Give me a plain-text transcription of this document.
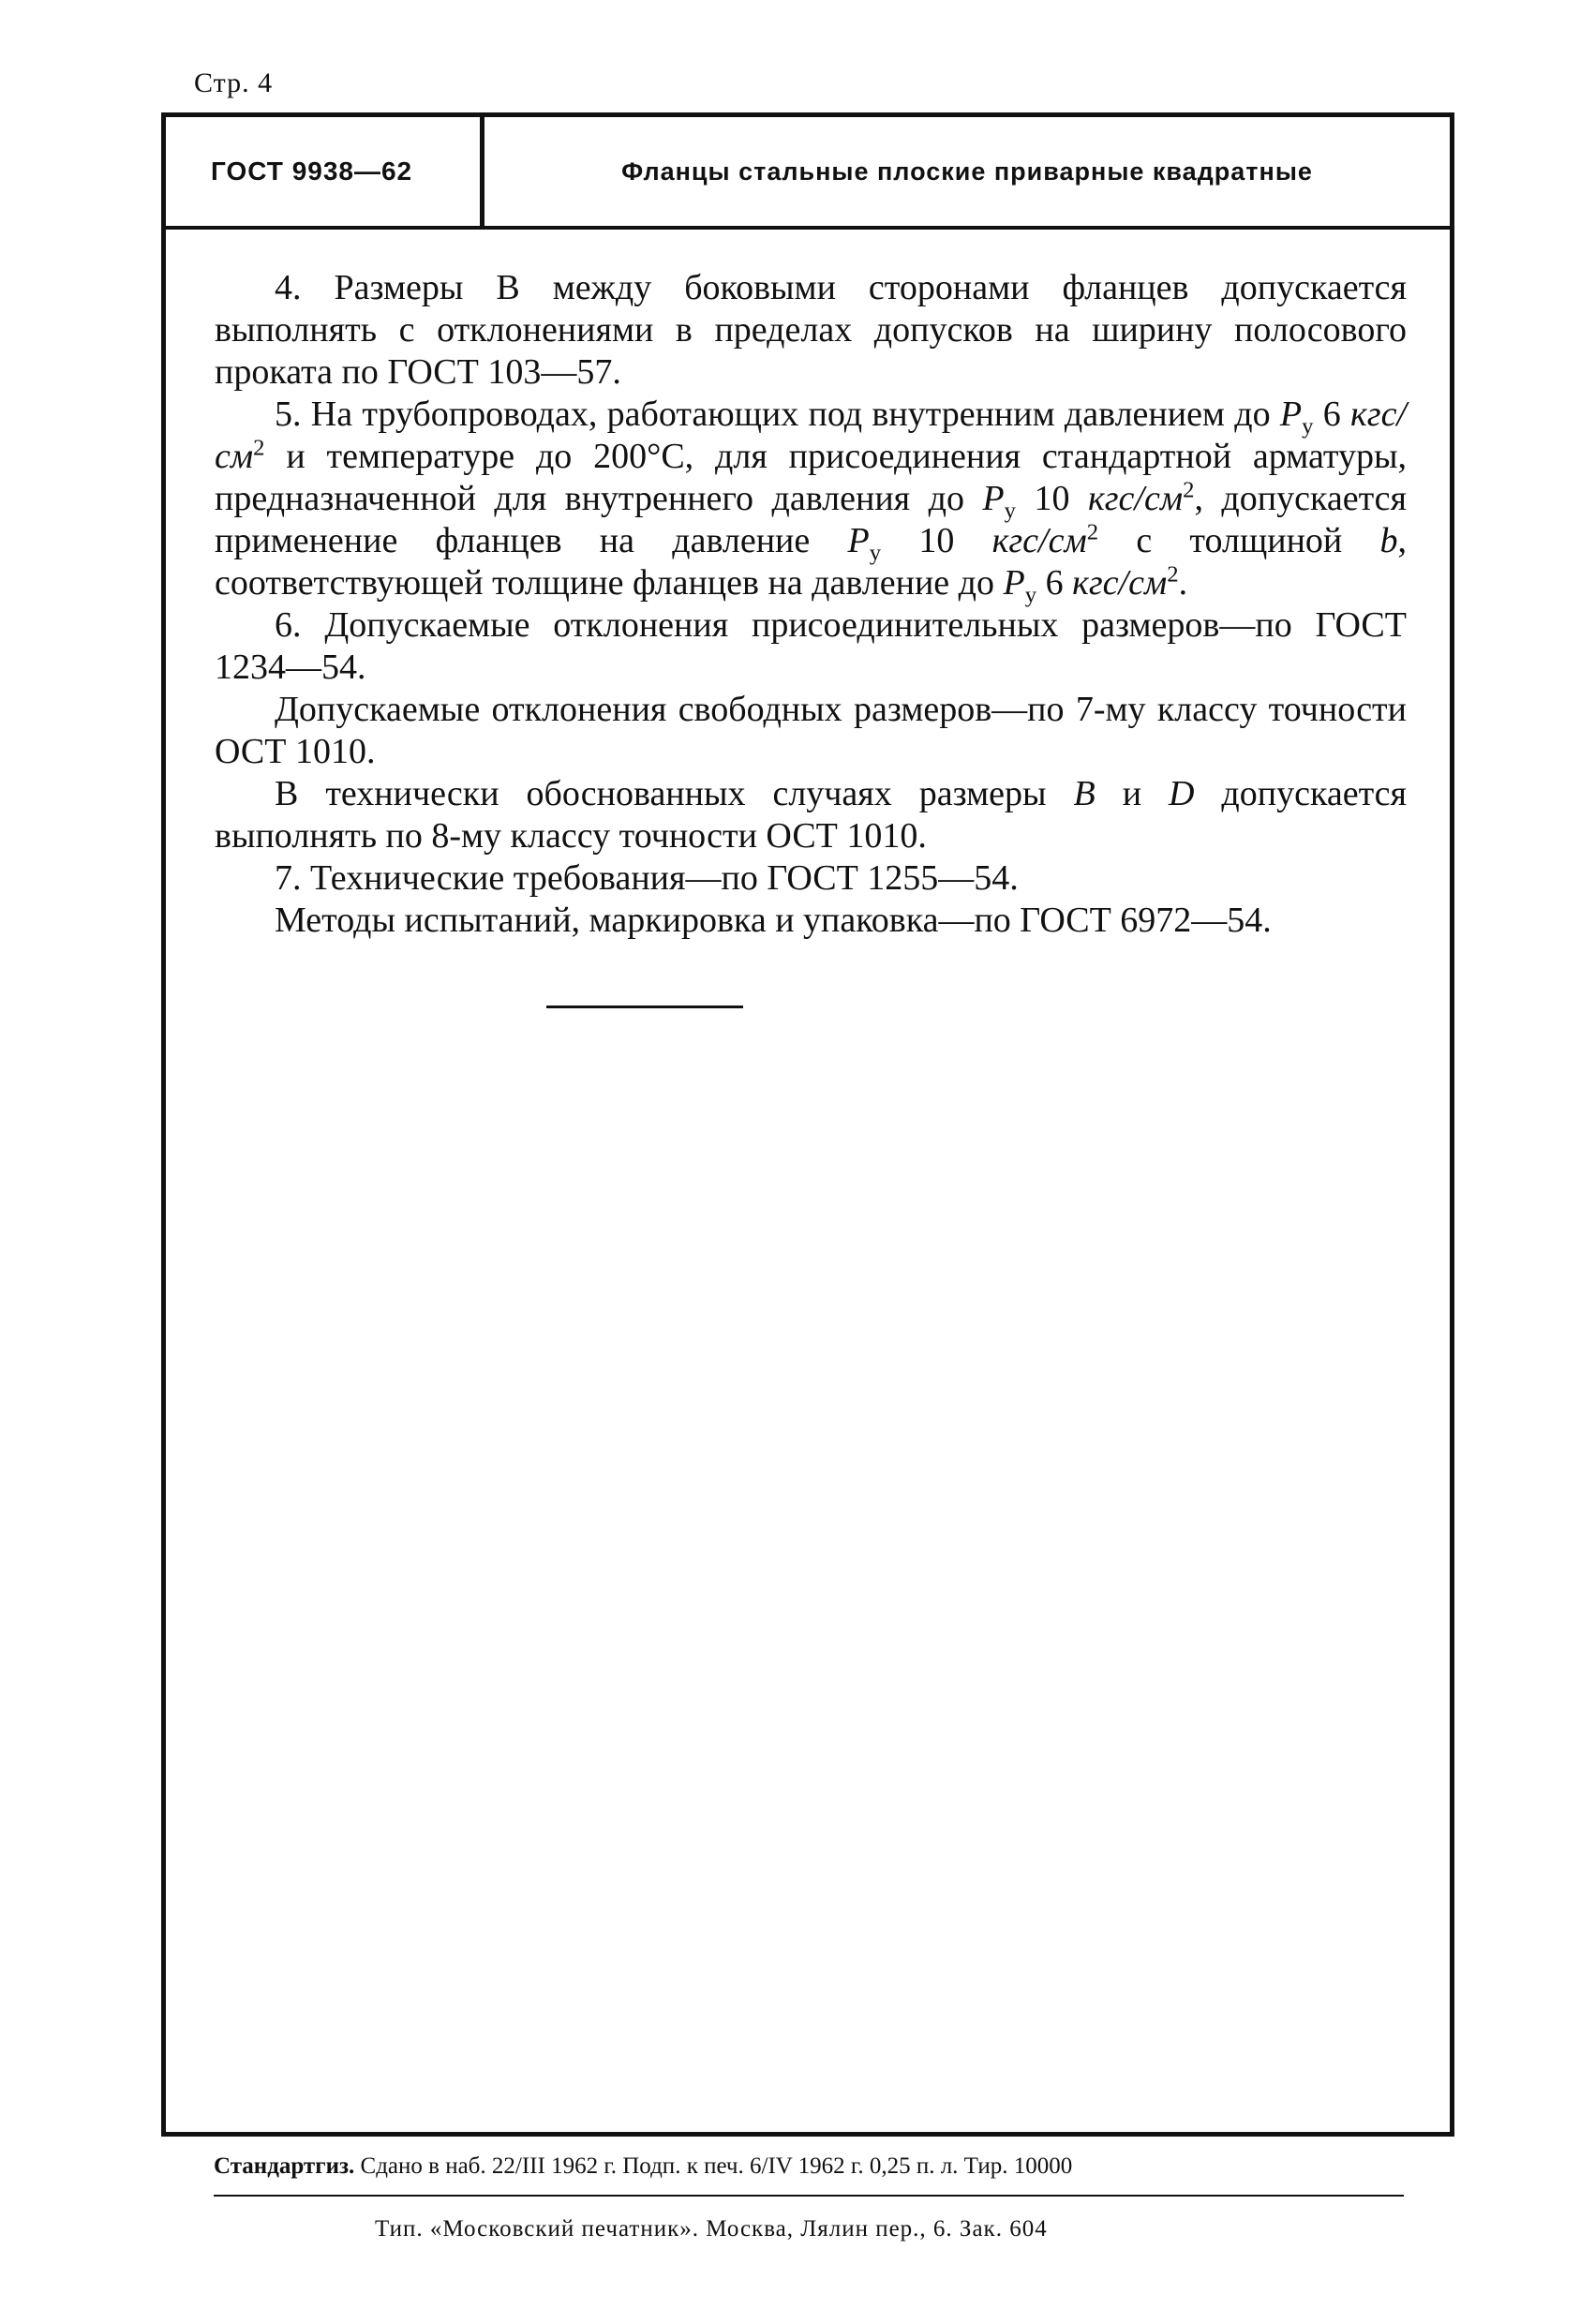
Стр. 4
ГОСТ 9938—62	Фланцы стальные плоские приварные квадратные

4. Размеры B между боковыми сторонами фланцев допускается выполнять с отклонениями в пределах допусков на ширину полосового проката по ГОСТ 103—57.

5. На трубопроводах, работающих под внутренним давлением до $P_у$ 6 кгс/$см^2$ и температуре до 200°C, для присоединения стандартной арматуры, предназначенной для внутреннего давления до $P_у$ 10 кгс/$см^2$, допускается применение фланцев на давление $P_у$ 10 кгс/$см^2$ с толщиной b, соответствующей толщине фланцев на давление до $P_у$ 6 кгс/$см^2$.

6. Допускаемые отклонения присоединительных размеров—по ГОСТ 1234—54.

Допускаемые отклонения свободных размеров—по 7-му классу точности ОСТ 1010.

В технически обоснованных случаях размеры B и D допускается выполнять по 8-му классу точности ОСТ 1010.

7. Технические требования—по ГОСТ 1255—54.

Методы испытаний, маркировка и упаковка—по ГОСТ 6972—54.

Стандартгиз. Сдано в наб. 22/III 1962 г. Подп. к печ. 6/IV 1962 г. 0,25 п. л. Тир. 10000
Тип. «Московский печатник». Москва, Лялин пер., 6. Зак. 604
